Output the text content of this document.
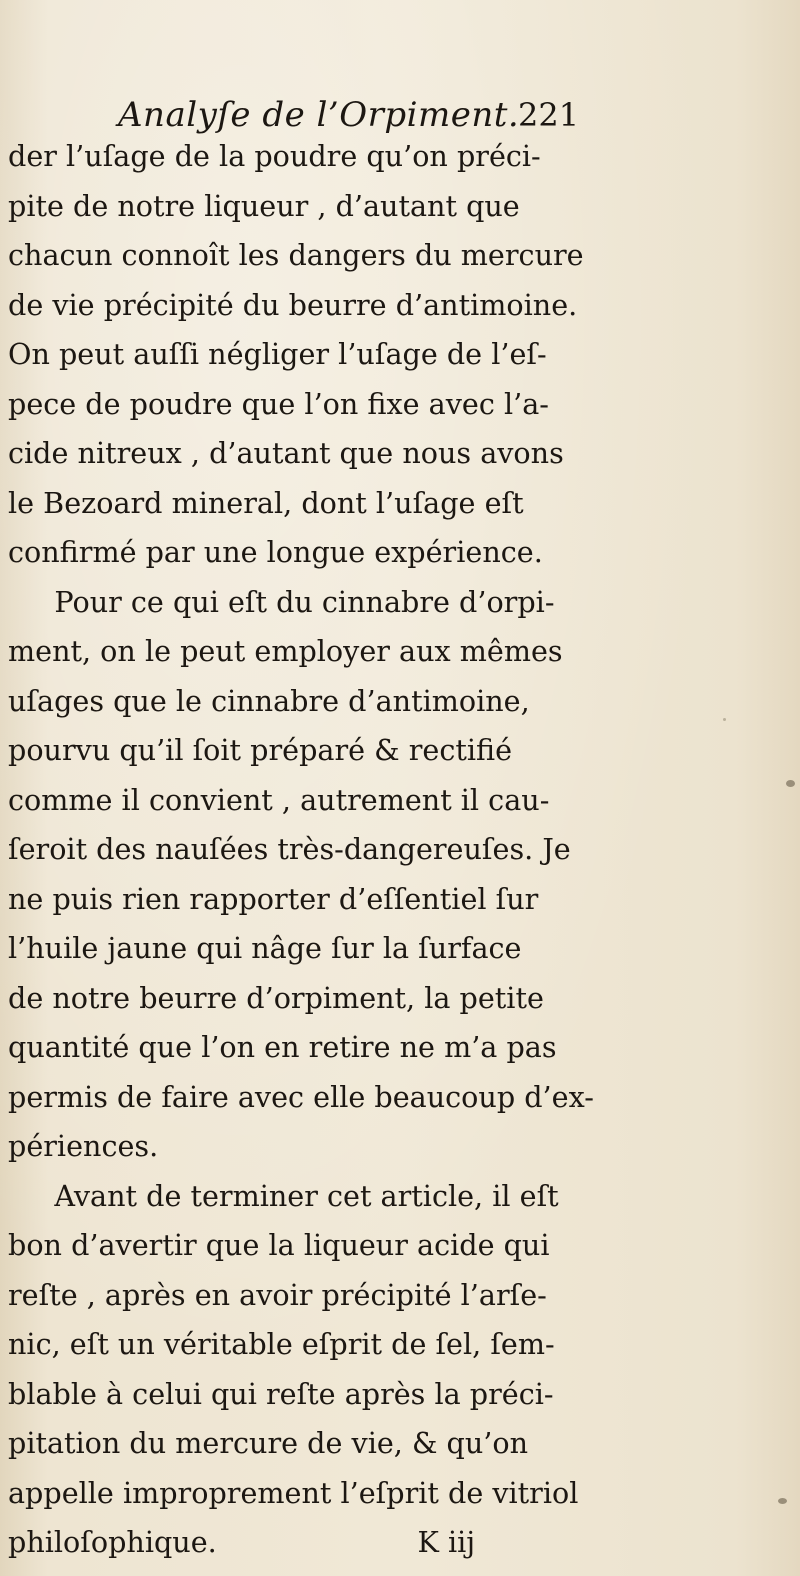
Analyſe de l’Orpiment.
221
der l’uſage de la poudre qu’on préci-
pite de notre liqueur , d’autant que
chacun connoît les dangers du mercure
de vie précipité du beurre d’antimoine.
On peut auſſi négliger l’uſage de l’eſ-
pece de poudre que l’on fixe avec l’a-
cide nitreux , d’autant que nous avons
le Bezoard mineral, dont l’uſage eſt
confirmé par une longue expérience.
Pour ce qui eſt du cinnabre d’orpi-
ment, on le peut employer aux mêmes
uſages que le cinnabre d’antimoine,
pourvu qu’il ſoit préparé & rectifié
comme il convient , autrement il cau-
ſeroit des nauſées très-dangereuſes. Je
ne puis rien rapporter d’eſſentiel ſur
l’huile jaune qui nâge ſur la ſurface
de notre beurre d’orpiment, la petite
quantité que l’on en retire ne m’a pas
permis de faire avec elle beaucoup d’ex-
périences.
Avant de terminer cet article, il eſt
bon d’avertir que la liqueur acide qui
reſte , après en avoir précipité l’arſe-
nic, eſt un véritable eſprit de ſel, ſem-
blable à celui qui reſte après la préci-
pitation du mercure de vie, & qu’on
appelle improprement l’eſprit de vitriol
philoſophique.	K iij
